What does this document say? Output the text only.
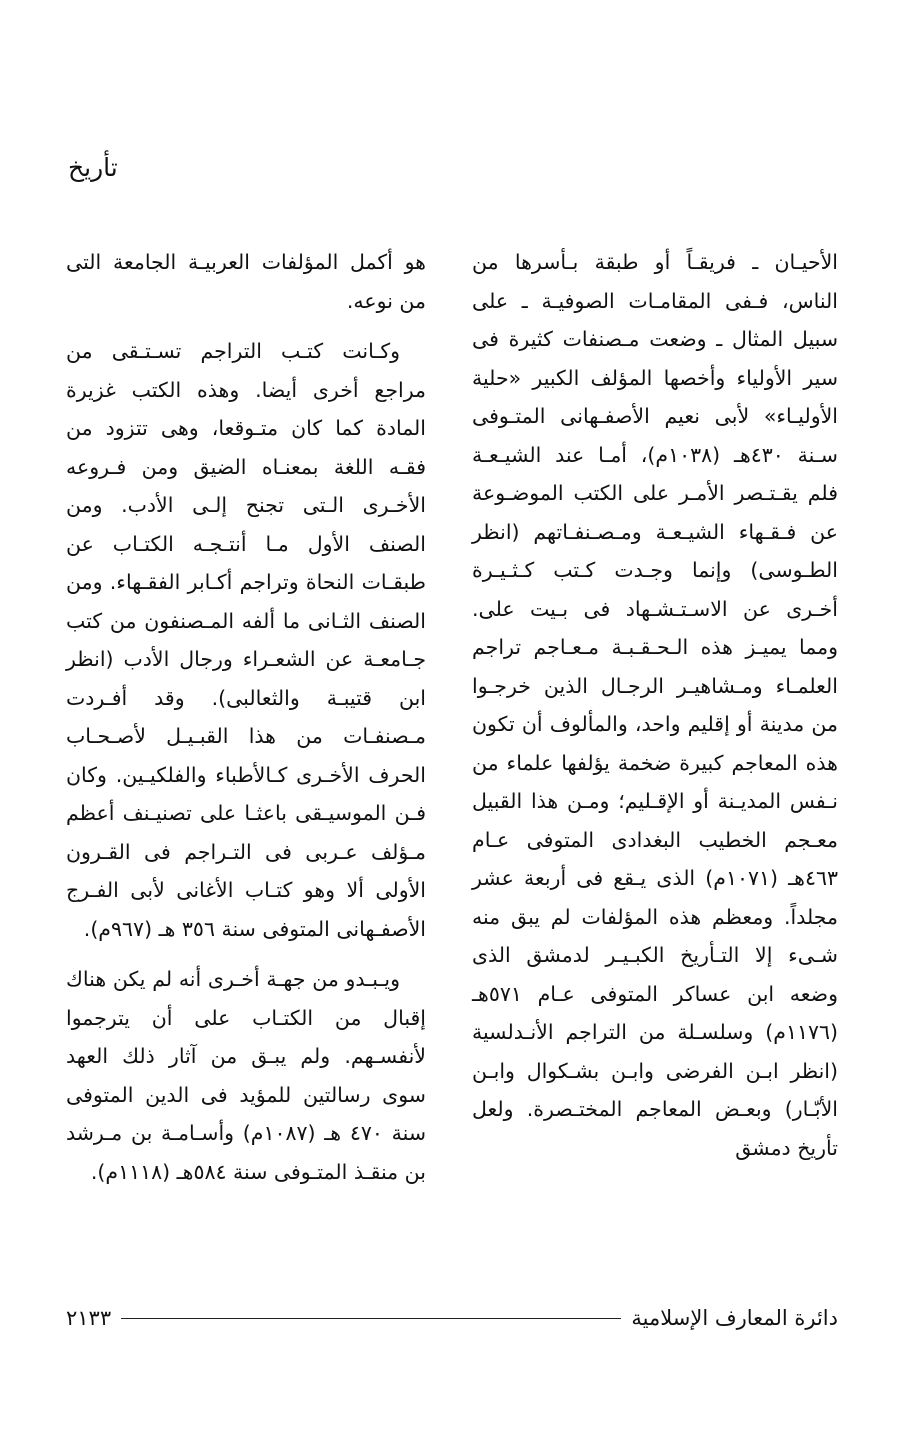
تأريخ

الأحيـان ـ فريقـاً أو طبقة بـأسرها من الناس، فـفى المقامـات الصوفيـة ـ على سبيل المثال ـ وضعت مـصنفات كثيرة فى سير الأولياء وأخصها المؤلف الكبير «حلية الأوليـاء» لأبى نعيم الأصفـهانى المتـوفى سـنة ٤٣٠هـ (١٠٣٨م)، أمـا عند الشيـعـة فلم يقـتـصر الأمـر على الكتب الموضـوعة عن فـقـهاء الشيـعـة ومـصـنفـاتهم (انظر الطـوسى) وإنما وجـدت كـتب كـثـيـرة أخـرى عن الاسـتـشـهاد فى بـيت على. ومما يميـز هذه الـحـقـبـة مـعـاجم تراجم العلمـاء ومـشاهيـر الرجـال الذين خرجـوا من مدينة أو إقليم واحد، والمألوف أن تكون هذه المعاجم كبيرة ضخمة يؤلفها علماء من نـفس المديـنة أو الإقـليم؛ ومـن هذا القبيل معـجم الخطيب البغدادى المتوفى عـام ٤٦٣هـ (١٠٧١م) الذى يـقع فى أربعة عشر مجلداً. ومعظم هذه المؤلفات لم يبق منه شـىء إلا التـأريخ الكبـيـر لدمشق الذى وضعه ابن عساكر المتوفى عـام ٥٧١هـ (١١٧٦م) وسلسـلة من التراجم الأنـدلسية (انظر ابـن الفرضى وابـن بشـكوال وابـن الأبّـار) وبعـض المعاجم المختـصرة. ولعل تأريخ دمشق

هو أكمل المؤلفات العربيـة الجامعة التى من نوعه.

وكـانت كتـب التراجم تسـتـقى من مراجع أخرى أيضا. وهذه الكتب غزيرة المادة كما كان متـوقعا، وهى تتزود من فقـه اللغة بمعنـاه الضيق ومن فـروعه الأخـرى الـتى تجنح إلـى الأدب. ومن الصنف الأول مـا أنتـجـه الكتـاب عن طبقـات النحاة وتراجم أكـابر الفقـهاء. ومن الصنف الثـانى ما ألفه المـصنفون من كتب جـامعـة عن الشعـراء ورجال الأدب (انظر ابن قتيبـة والثعالبى). وقد أفـردت مـصنفـات من هذا القبـيـل لأصـحـاب الحرف الأخـرى كـالأطباء والفلكيـين. وكان فـن الموسيـقى باعثـا على تصنيـنف أعظم مـؤلف عـربى فى التـراجم فى القـرون الأولى ألا وهو كتـاب الأغانى لأبى الفـرج الأصفـهانى المتوفى سنة ٣٥٦ هـ (٩٦٧م).

ويـبـدو من جهـة أخـرى أنه لم يكن هناك إقبال من الكتـاب على أن يترجموا لأنفسـهم. ولم يبـق من آثار ذلك العهد سوى رسالتين للمؤيد فى الدين المتوفى سنة ٤٧٠ هـ (١٠٨٧م) وأسـامـة بن مـرشد بن منقـذ المتـوفى سنة ٥٨٤هـ (١١١٨م).

دائرة المعارف الإسلامية
٢١٣٣
